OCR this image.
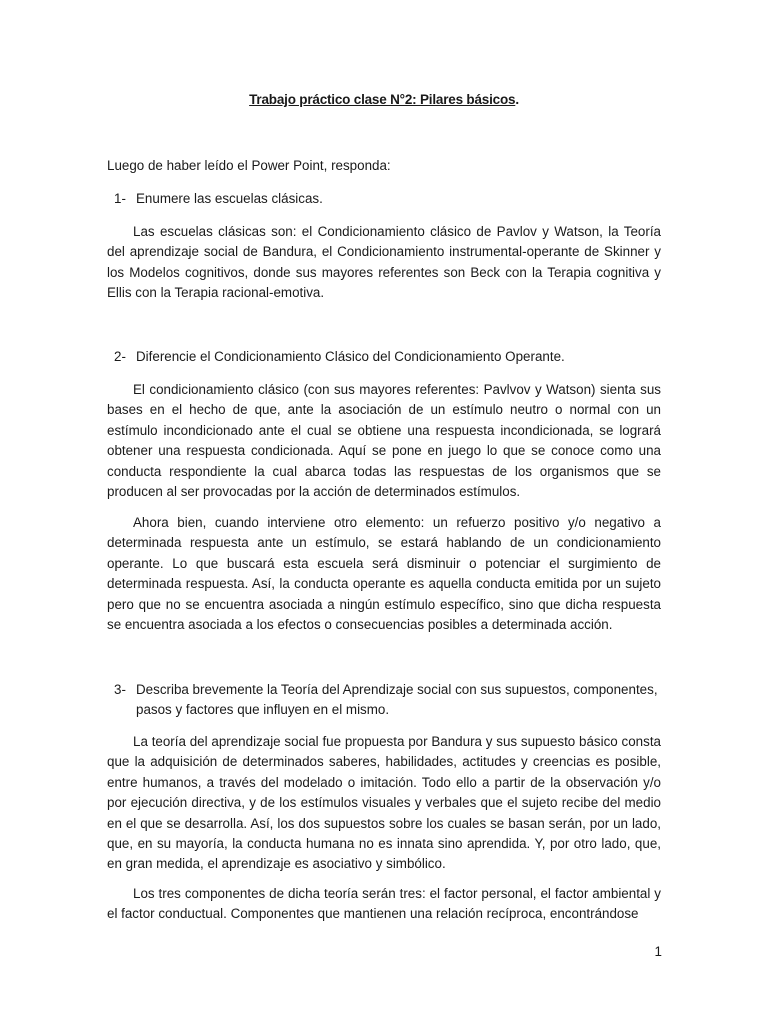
Trabajo práctico clase N°2: Pilares básicos.
Luego de haber leído el Power Point, responda:
1- Enumere las escuelas clásicas.

Las escuelas clásicas son: el Condicionamiento clásico de Pavlov y Watson, la Teoría del aprendizaje social de Bandura, el Condicionamiento instrumental-operante de Skinner y los Modelos cognitivos, donde sus mayores referentes son Beck con la Terapia cognitiva y Ellis con la Terapia racional-emotiva.

2- Diferencie el Condicionamiento Clásico del Condicionamiento Operante.

El condicionamiento clásico (con sus mayores referentes: Pavlvov y Watson) sienta sus bases en el hecho de que, ante la asociación de un estímulo neutro o normal con un estímulo incondicionado ante el cual se obtiene una respuesta incondicionada, se logrará obtener una respuesta condicionada. Aquí se pone en juego lo que se conoce como una conducta respondiente la cual abarca todas las respuestas de los organismos que se producen al ser provocadas por la acción de determinados estímulos.

Ahora bien, cuando interviene otro elemento: un refuerzo positivo y/o negativo a determinada respuesta ante un estímulo, se estará hablando de un condicionamiento operante. Lo que buscará esta escuela será disminuir o potenciar el surgimiento de determinada respuesta. Así, la conducta operante es aquella conducta emitida por un sujeto pero que no se encuentra asociada a ningún estímulo específico, sino que dicha respuesta se encuentra asociada a los efectos o consecuencias posibles a determinada acción.

3- Describa brevemente la Teoría del Aprendizaje social con sus supuestos, componentes, pasos y factores que influyen en el mismo.

La teoría del aprendizaje social fue propuesta por Bandura y sus supuesto básico consta que la adquisición de determinados saberes, habilidades, actitudes y creencias es posible, entre humanos, a través del modelado o imitación. Todo ello a partir de la observación y/o por ejecución directiva, y de los estímulos visuales y verbales que el sujeto recibe del medio en el que se desarrolla. Así, los dos supuestos sobre los cuales se basan serán, por un lado, que, en su mayoría, la conducta humana no es innata sino aprendida. Y, por otro lado, que, en gran medida, el aprendizaje es asociativo y simbólico.

Los tres componentes de dicha teoría serán tres: el factor personal, el factor ambiental y el factor conductual. Componentes que mantienen una relación recíproca, encontrándose

1
